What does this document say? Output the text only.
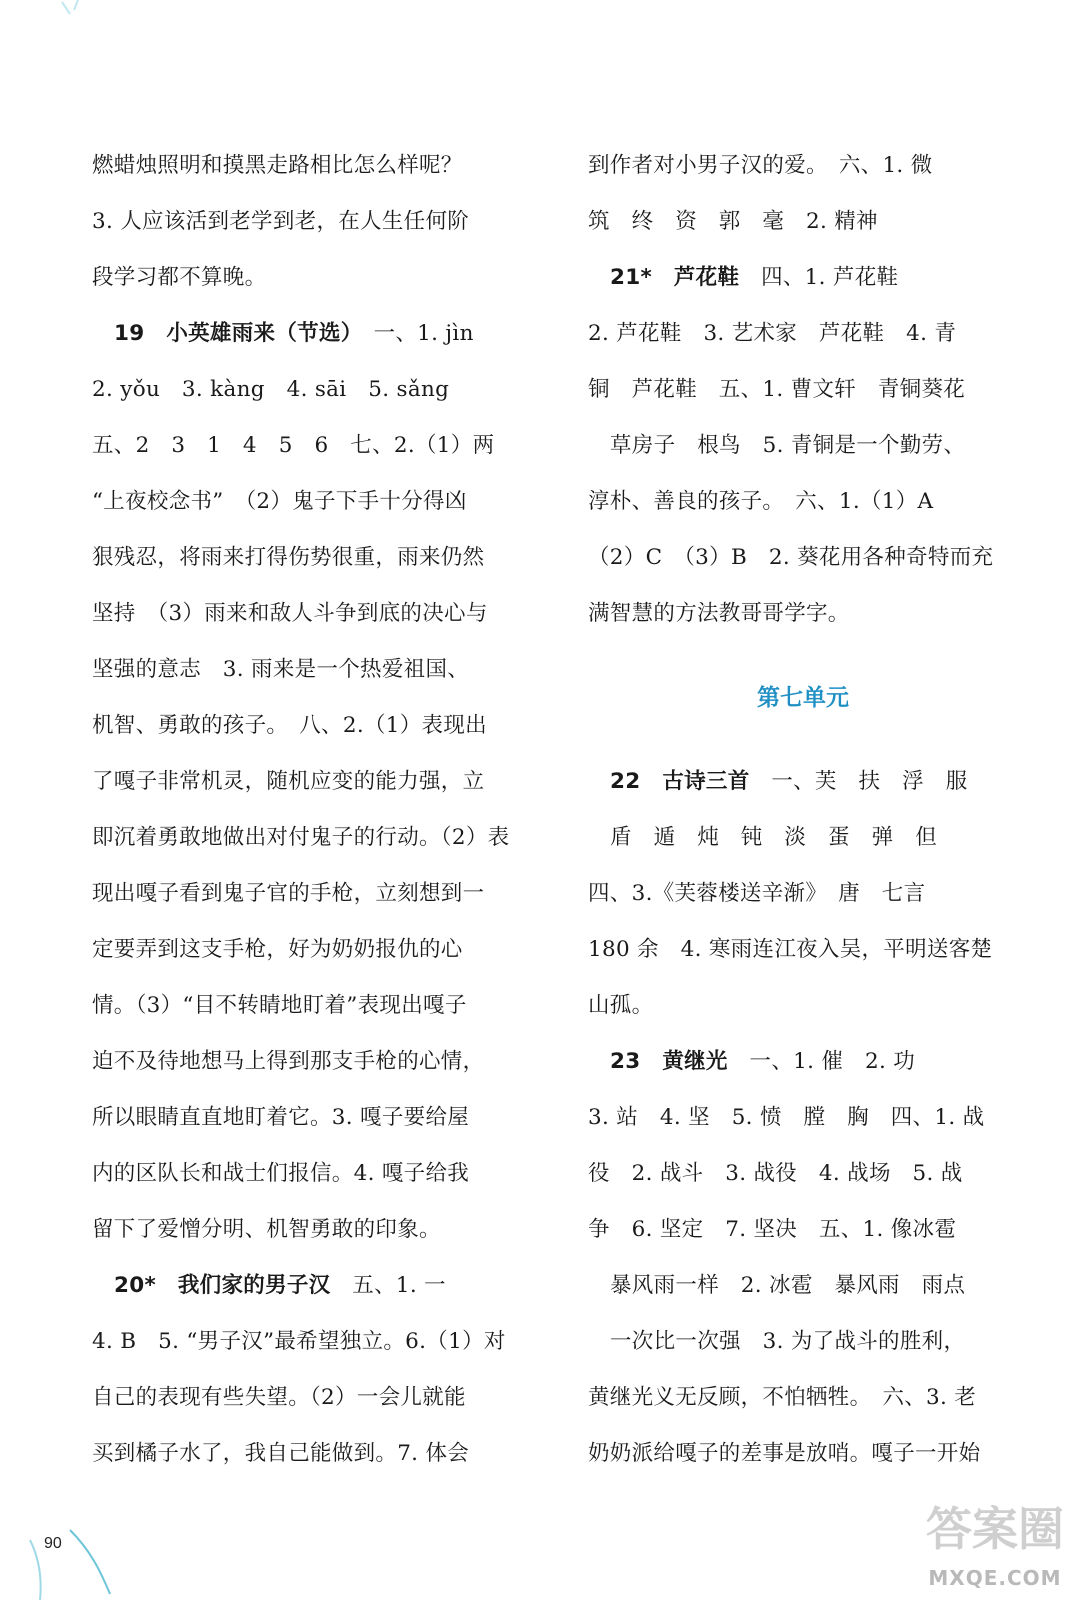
燃蜡烛照明和摸黑走路相比怎么样呢？
3. 人应该活到老学到老，在人生任何阶
段学习都不算晚。
19　小英雄雨来（节选）　一、1. jìn
2. yǒu　3. kàng　4. sāi　5. sǎng
五、2　3　1　4　5　6　七、2.（1）两
“上夜校念书”　（2）鬼子下手十分得凶
狠残忍，将雨来打得伤势很重，雨来仍然
坚持　（3）雨来和敌人斗争到底的决心与
坚强的意志　3. 雨来是一个热爱祖国、
机智、勇敢的孩子。　八、2.（1）表现出
了嘎子非常机灵，随机应变的能力强，立
即沉着勇敢地做出对付鬼子的行动。（2）表
现出嘎子看到鬼子官的手枪，立刻想到一
定要弄到这支手枪，好为奶奶报仇的心
情。（3）“目不转睛地盯着”表现出嘎子
迫不及待地想马上得到那支手枪的心情，
所以眼睛直直地盯着它。3. 嘎子要给屋
内的区队长和战士们报信。4. 嘎子给我
留下了爱憎分明、机智勇敢的印象。
20*　我们家的男子汉　五、1. 一
4. B　5. “男子汉”最希望独立。6.（1）对
自己的表现有些失望。（2）一会儿就能
买到橘子水了，我自己能做到。7. 体会
到作者对小男子汉的爱。　六、1. 微
筑　终　资　郭　毫　2. 精神
21*　芦花鞋　四、1. 芦花鞋
2. 芦花鞋　3. 艺术家　芦花鞋　4. 青
铜　芦花鞋　五、1. 曹文轩　青铜葵花
草房子　根鸟　5. 青铜是一个勤劳、
淳朴、善良的孩子。　六、1.（1）A
（2）C　（3）B　2. 葵花用各种奇特而充
满智慧的方法教哥哥学字。
第七单元
22　古诗三首　一、芙　扶　浮　服
盾　遁　炖　钝　淡　蛋　弹　但
四、3.《芙蓉楼送辛渐》　唐　七言
180 余　4. 寒雨连江夜入吴，平明送客楚
山孤。
23　黄继光　一、1. 催　2. 功
3. 站　4. 坚　5. 愤　膛　胸　四、1. 战
役　2. 战斗　3. 战役　4. 战场　5. 战
争　6. 坚定　7. 坚决　五、1. 像冰雹
暴风雨一样　2. 冰雹　暴风雨　雨点
一次比一次强　3. 为了战斗的胜利，
黄继光义无反顾，不怕牺牲。　六、3. 老
奶奶派给嘎子的差事是放哨。嘎子一开始
90	答案圈
MXQE.COM
